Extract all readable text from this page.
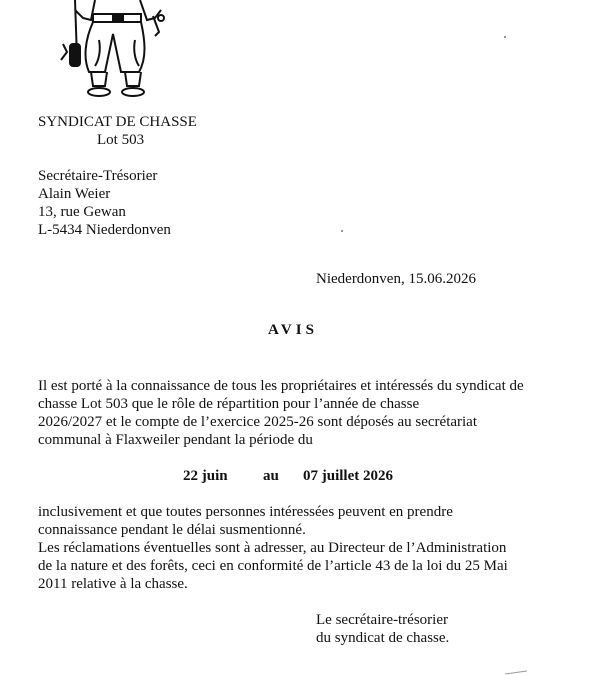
SYNDICAT DE CHASSE
Lot 503
Secrétaire-Trésorier
Alain Weier
13, rue Gewan
L-5434 Niederdonven
Niederdonven, 15.06.2026
AVIS
Il est porté à la connaissance de tous les propriétaires et intéressés du syndicat de
chasse Lot 503 que le rôle de répartition pour l’année de chasse
2026/2027 et le compte de l’exercice 2025-26 sont déposés au secrétariat
communal à Flaxweiler pendant la période du
22 juin au 07 juillet 2026
inclusivement et que toutes personnes intéressées peuvent en prendre
connaissance pendant le délai susmentionné.
Les réclamations éventuelles sont à adresser, au Directeur de l’Administration
de la nature et des forêts, ceci en conformité de l’article 43 de la loi du 25 Mai
2011 relative à la chasse.
Le secrétaire-trésorier
du syndicat de chasse.
